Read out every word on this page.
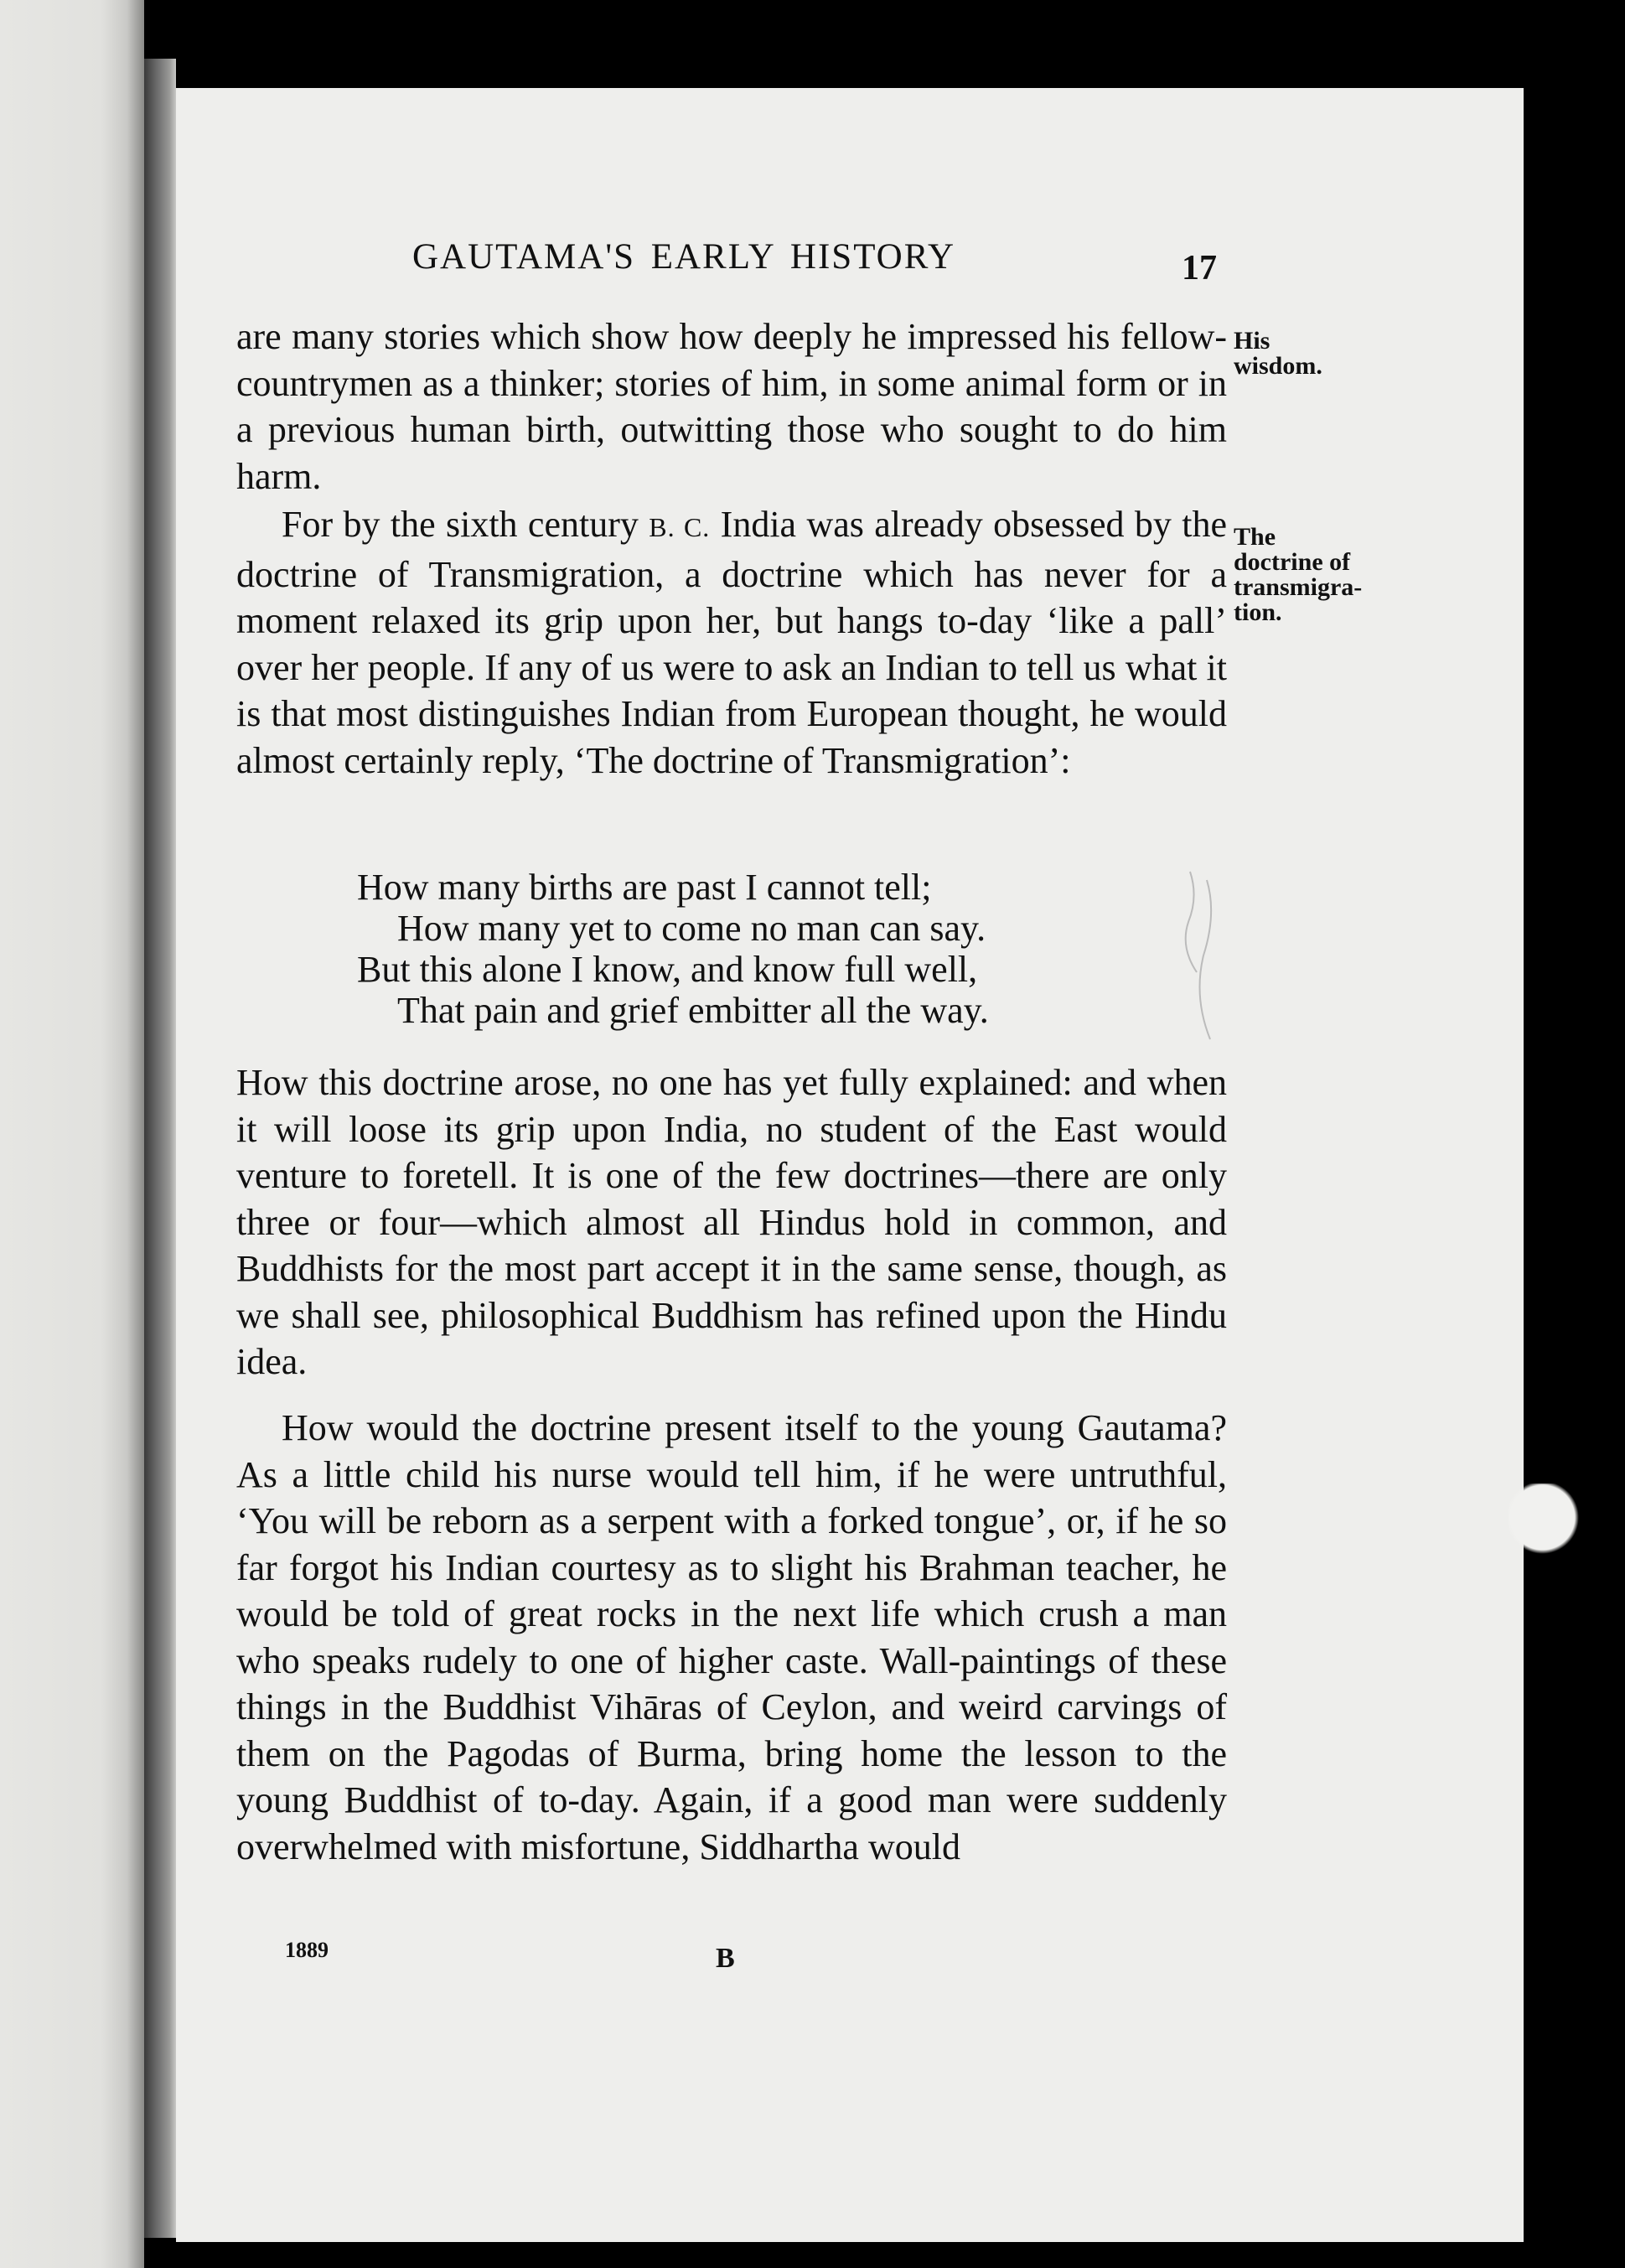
GAUTAMA'S EARLY HISTORY	17
His
wisdom.
The
doctrine of
transmigra-
tion.
are many stories which show how deeply he impressed his fellow-countrymen as a thinker; stories of him, in some animal form or in a previous human birth, outwitting those who sought to do him harm.
For by the sixth century B. C. India was already obsessed by the doctrine of Transmigration, a doctrine which has never for a moment relaxed its grip upon her, but hangs to-day ‘like a pall’ over her people. If any of us were to ask an Indian to tell us what it is that most distinguishes Indian from European thought, he would almost certainly reply, ‘The doctrine of Transmigration’:
How many births are past I cannot tell;
How many yet to come no man can say.
But this alone I know, and know full well,
That pain and grief embitter all the way.
How this doctrine arose, no one has yet fully explained: and when it will loose its grip upon India, no student of the East would venture to foretell. It is one of the few doctrines—there are only three or four—which almost all Hindus hold in common, and Buddhists for the most part accept it in the same sense, though, as we shall see, philosophical Buddhism has refined upon the Hindu idea.
How would the doctrine present itself to the young Gautama? As a little child his nurse would tell him, if he were untruthful, ‘You will be reborn as a serpent with a forked tongue’, or, if he so far forgot his Indian courtesy as to slight his Brahman teacher, he would be told of great rocks in the next life which crush a man who speaks rudely to one of higher caste. Wall-paintings of these things in the Buddhist Vihāras of Ceylon, and weird carvings of them on the Pagodas of Burma, bring home the lesson to the young Buddhist of to-day. Again, if a good man were suddenly overwhelmed with misfortune, Siddhartha would
1889	B
